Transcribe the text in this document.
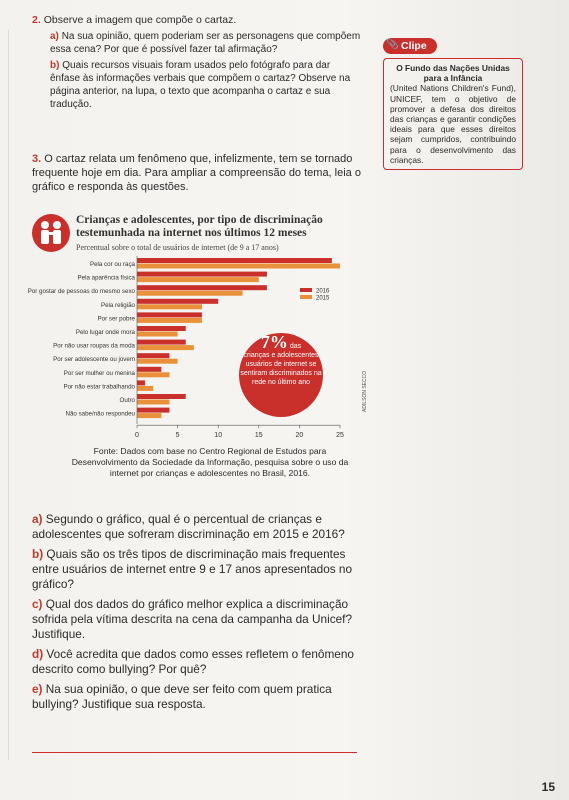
2. Observe a imagem que compõe o cartaz.
a) Na sua opinião, quem poderiam ser as personagens que compõem essa cena? Por que é possível fazer tal afirmação?
b) Quais recursos visuais foram usados pelo fotógrafo para dar ênfase às informações verbais que compõem o cartaz? Observe na página anterior, na lupa, o texto que acompanha o cartaz e sua tradução.
3. O cartaz relata um fenômeno que, infelizmente, tem se tornado frequente hoje em dia. Para ampliar a compreensão do tema, leia o gráfico e responda às questões.
📎 Clipe
O Fundo das Nações Unidas para a Infância
(United Nations Children's Fund), UNICEF, tem o objetivo de promover a defesa dos direitos das crianças e garantir condições ideais para que esses direitos sejam cumpridos, contribuindo para o desenvolvimento das crianças.
Crianças e adolescentes, por tipo de discriminação testemunhada na internet nos últimos 12 meses
Percentual sobre o total de usuários de internet (de 9 a 17 anos)
Pela cor ou raça
Pela aparência física
Por gostar de pessoas do mesmo sexo
Pela religião
Por ser pobre
Pelo lugar onde mora
Por não usar roupas da moda
Por ser adolescente ou jovem
Por ser mulher ou menina
Por não estar trabalhando
Outro
Não sabe/não respondeu
0	5	10	15	20	25
2016
2015
7% das
crianças e adolescentes usuários de internet se sentiram discriminados na rede no último ano	ADILSON SECCO
Fonte: Dados com base no Centro Regional de Estudos para Desenvolvimento da Sociedade da Informação, pesquisa sobre o uso da internet por crianças e adolescentes no Brasil, 2016.
a) Segundo o gráfico, qual é o percentual de crianças e adolescentes que sofreram discriminação em 2015 e 2016?
b) Quais são os três tipos de discriminação mais frequentes entre usuários de internet entre 9 e 17 anos apresentados no gráfico?
c) Qual dos dados do gráfico melhor explica a discriminação sofrida pela vítima descrita na cena da campanha da Unicef? Justifique.
d) Você acredita que dados como esses refletem o fenômeno descrito como bullying? Por quê?
e) Na sua opinião, o que deve ser feito com quem pratica bullying? Justifique sua resposta.
15
